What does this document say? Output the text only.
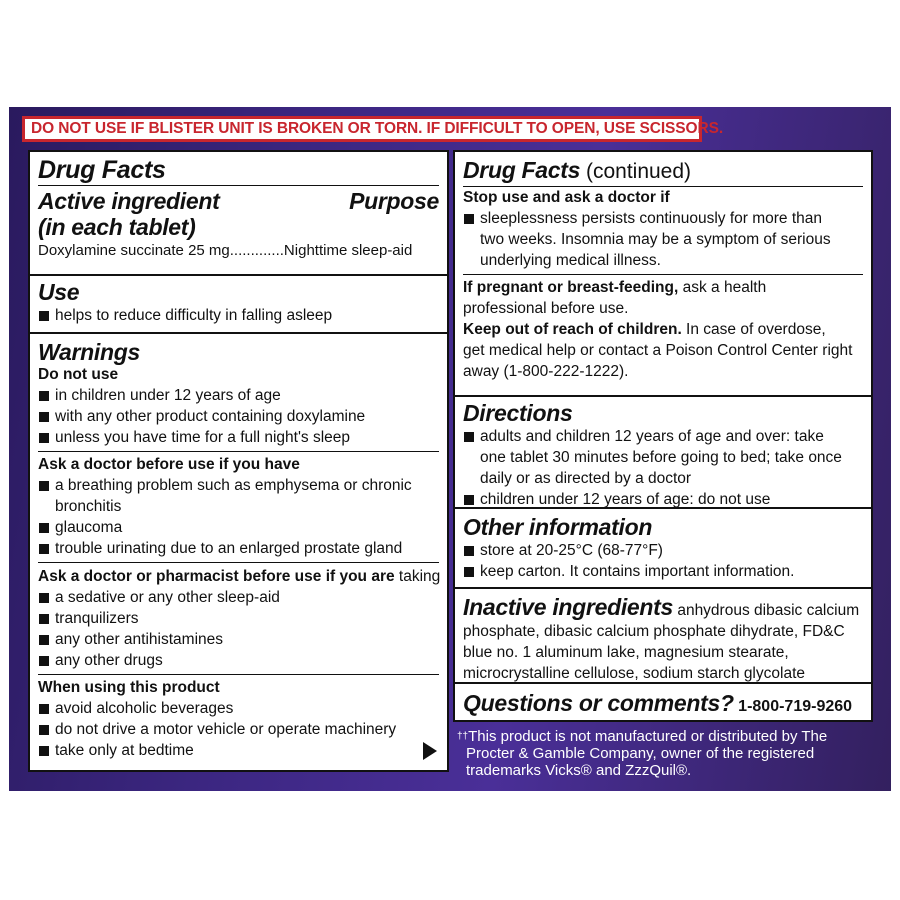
DO NOT USE IF BLISTER UNIT IS BROKEN OR TORN. IF DIFFICULT TO OPEN, USE SCISSORS.
Drug Facts
Active ingredient	Purpose
(in each tablet)
Doxylamine succinate 25 mg.............Nighttime sleep-aid
Use
helps to reduce difficulty in falling asleep
Warnings
Do not use
in children under 12 years of age
with any other product containing doxylamine
unless you have time for a full night's sleep
Ask a doctor before use if you have
a breathing problem such as emphysema or chronic
bronchitis
glaucoma
trouble urinating due to an enlarged prostate gland
Ask a doctor or pharmacist before use if you are taking
a sedative or any other sleep-aid
tranquilizers
any other antihistamines
any other drugs
When using this product
avoid alcoholic beverages
do not drive a motor vehicle or operate machinery
take only at bedtime
Drug Facts (continued)
Stop use and ask a doctor if
sleeplessness persists continuously for more than
two weeks. Insomnia may be a symptom of serious
underlying medical illness.
If pregnant or breast-feeding, ask a health
professional before use.
Keep out of reach of children. In case of overdose,
get medical help or contact a Poison Control Center right
away (1-800-222-1222).
Directions
adults and children 12 years of age and over: take
one tablet 30 minutes before going to bed; take once
daily or as directed by a doctor
children under 12 years of age: do not use
Other information
store at 20-25°C (68-77°F)
keep carton. It contains important information.
Inactive ingredients anhydrous dibasic calcium
phosphate, dibasic calcium phosphate dihydrate, FD&C
blue no. 1 aluminum lake, magnesium stearate,
microcrystalline cellulose, sodium starch glycolate
Questions or comments? 1-800-719-9260
††This product is not manufactured or distributed by The
Procter & Gamble Company, owner of the registered
trademarks Vicks® and ZzzQuil®.
